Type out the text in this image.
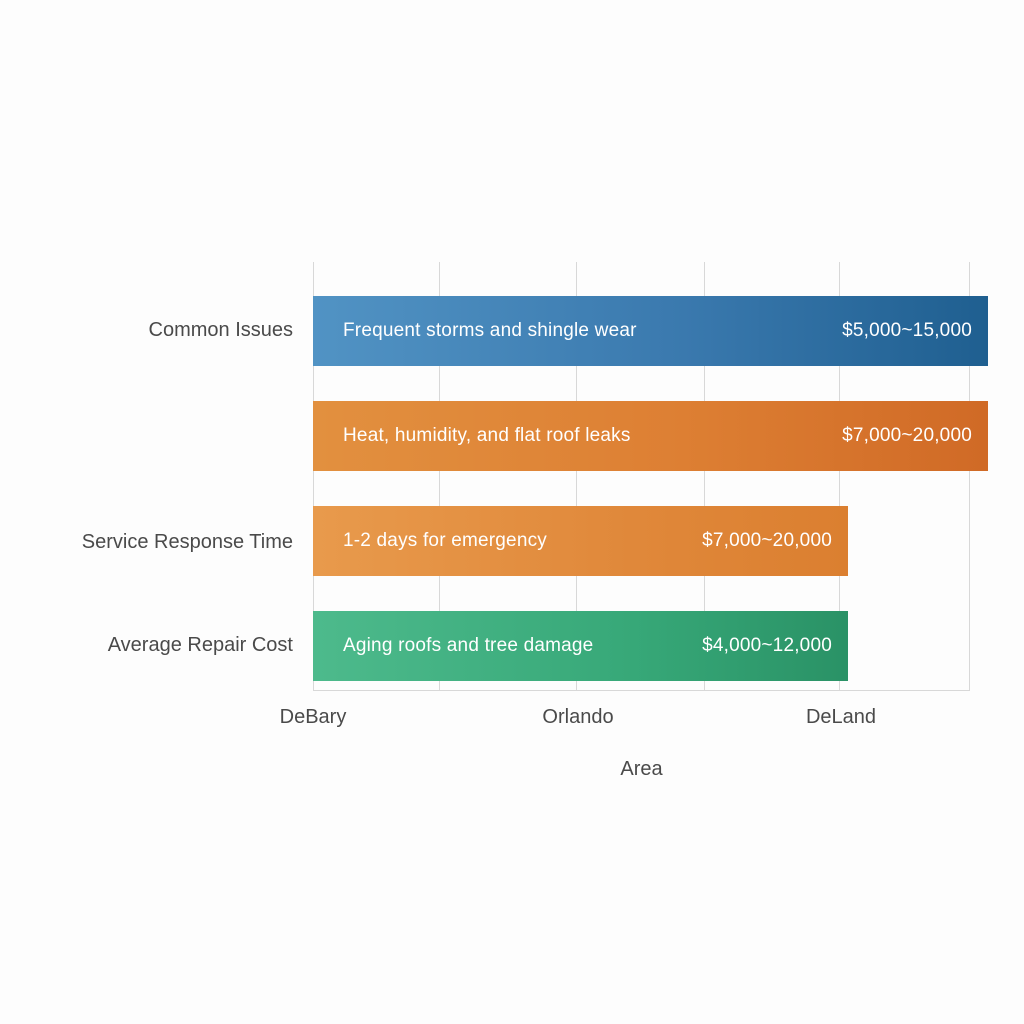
Common Issues
Service Response Time
Average Repair Cost
Frequent storms and shingle wear	$5,000~15,000
Heat, humidity, and flat roof leaks	$7,000~20,000
1-2 days for emergency	$7,000~20,000
Aging roofs and tree damage	$4,000~12,000
DeBary	Orlando	DeLand
Area
